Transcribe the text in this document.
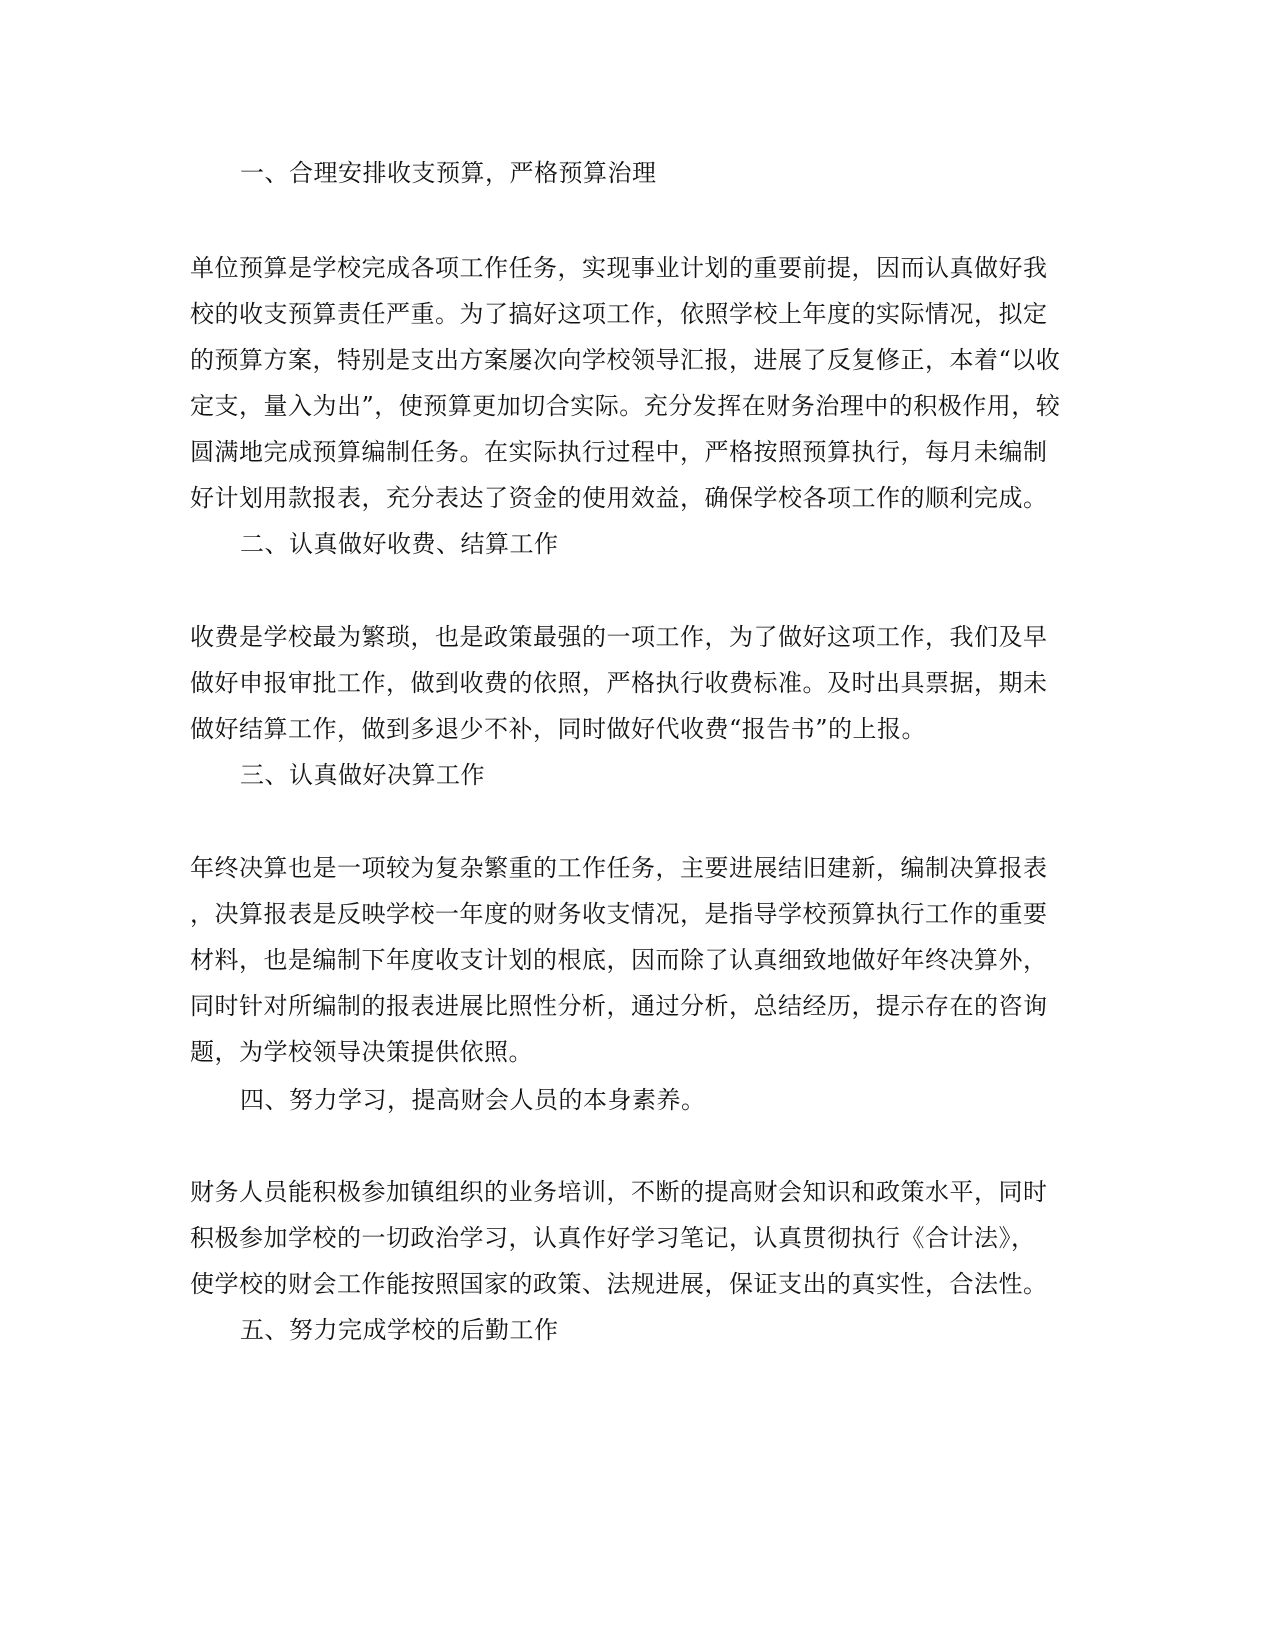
一、合理安排收支预算，严格预算治理
单位预算是学校完成各项工作任务，实现事业计划的重要前提，因而认真做好我
校的收支预算责任严重。为了搞好这项工作，依照学校上年度的实际情况，拟定
的预算方案，特别是支出方案屡次向学校领导汇报，进展了反复修正，本着“以收
定支，量入为出”，使预算更加切合实际。充分发挥在财务治理中的积极作用，较
圆满地完成预算编制任务。在实际执行过程中，严格按照预算执行，每月未编制
好计划用款报表，充分表达了资金的使用效益，确保学校各项工作的顺利完成。
二、认真做好收费、结算工作
收费是学校最为繁琐，也是政策最强的一项工作，为了做好这项工作，我们及早
做好申报审批工作，做到收费的依照，严格执行收费标准。及时出具票据，期未
做好结算工作，做到多退少不补，同时做好代收费“报告书”的上报。
三、认真做好决算工作
年终决算也是一项较为复杂繁重的工作任务，主要进展结旧建新，编制决算报表
，决算报表是反映学校一年度的财务收支情况，是指导学校预算执行工作的重要
材料，也是编制下年度收支计划的根底，因而除了认真细致地做好年终决算外，
同时针对所编制的报表进展比照性分析，通过分析，总结经历，提示存在的咨询
题，为学校领导决策提供依照。
四、努力学习，提高财会人员的本身素养。
财务人员能积极参加镇组织的业务培训，不断的提高财会知识和政策水平，同时
积极参加学校的一切政治学习，认真作好学习笔记，认真贯彻执行《合计法》，
使学校的财会工作能按照国家的政策、法规进展，保证支出的真实性，合法性。
五、努力完成学校的后勤工作
